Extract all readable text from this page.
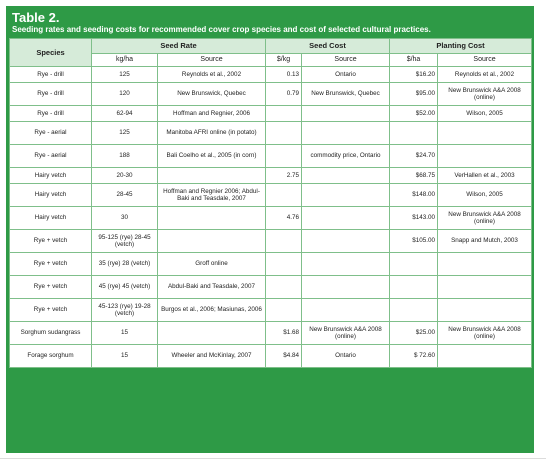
Table 2.
Seeding rates and seeding costs for recommended cover crop species and cost of selected cultural practices.
Species	Seed Rate		Seed Cost		Planting Cost	
	kg/ha	Source	$/kg	Source	$/ha	Source
Rye - drill	125	Reynolds et al., 2002	0.13	Ontario	$16.20	Reynolds et al., 2002
Rye - drill	120	New Brunswick, Quebec	0.79	New Brunswick, Quebec	$95.00	New Brunswick A&A 2008 (online)
Rye - drill	62-94	Hoffman and Regnier, 2006			$52.00	Wilson, 2005
Rye - aerial	125	Manitoba AFRI online (in potato)				
Rye - aerial	188	Bali Coelho et al., 2005 (in corn)		commodity price, Ontario	$24.70	
Hairy vetch	20-30		2.75		$68.75	VerHallen et al., 2003
Hairy vetch	28-45	Hoffman and Regnier 2006; Abdul-Baki and Teasdale, 2007			$148.00	Wilson, 2005
Hairy vetch	30		4.76		$143.00	New Brunswick A&A 2008 (online)
Rye + vetch	95-125 (rye) 28-45 (vetch)				$105.00	Snapp and Mutch, 2003
Rye + vetch	35 (rye) 28 (vetch)	Groff online				
Rye + vetch	45 (rye) 45 (vetch)	Abdul-Baki and Teasdale, 2007				
Rye + vetch	45-123 (rye) 19-28 (vetch)	Burgos et al., 2006; Masiunas, 2006				
Sorghum sudangrass	15		$1.68	New Brunswick A&A 2008 (online)	$25.00	New Brunswick A&A 2008 (online)
Forage sorghum	15	Wheeler and McKinlay, 2007	$4.84	Ontario	$ 72.60	
